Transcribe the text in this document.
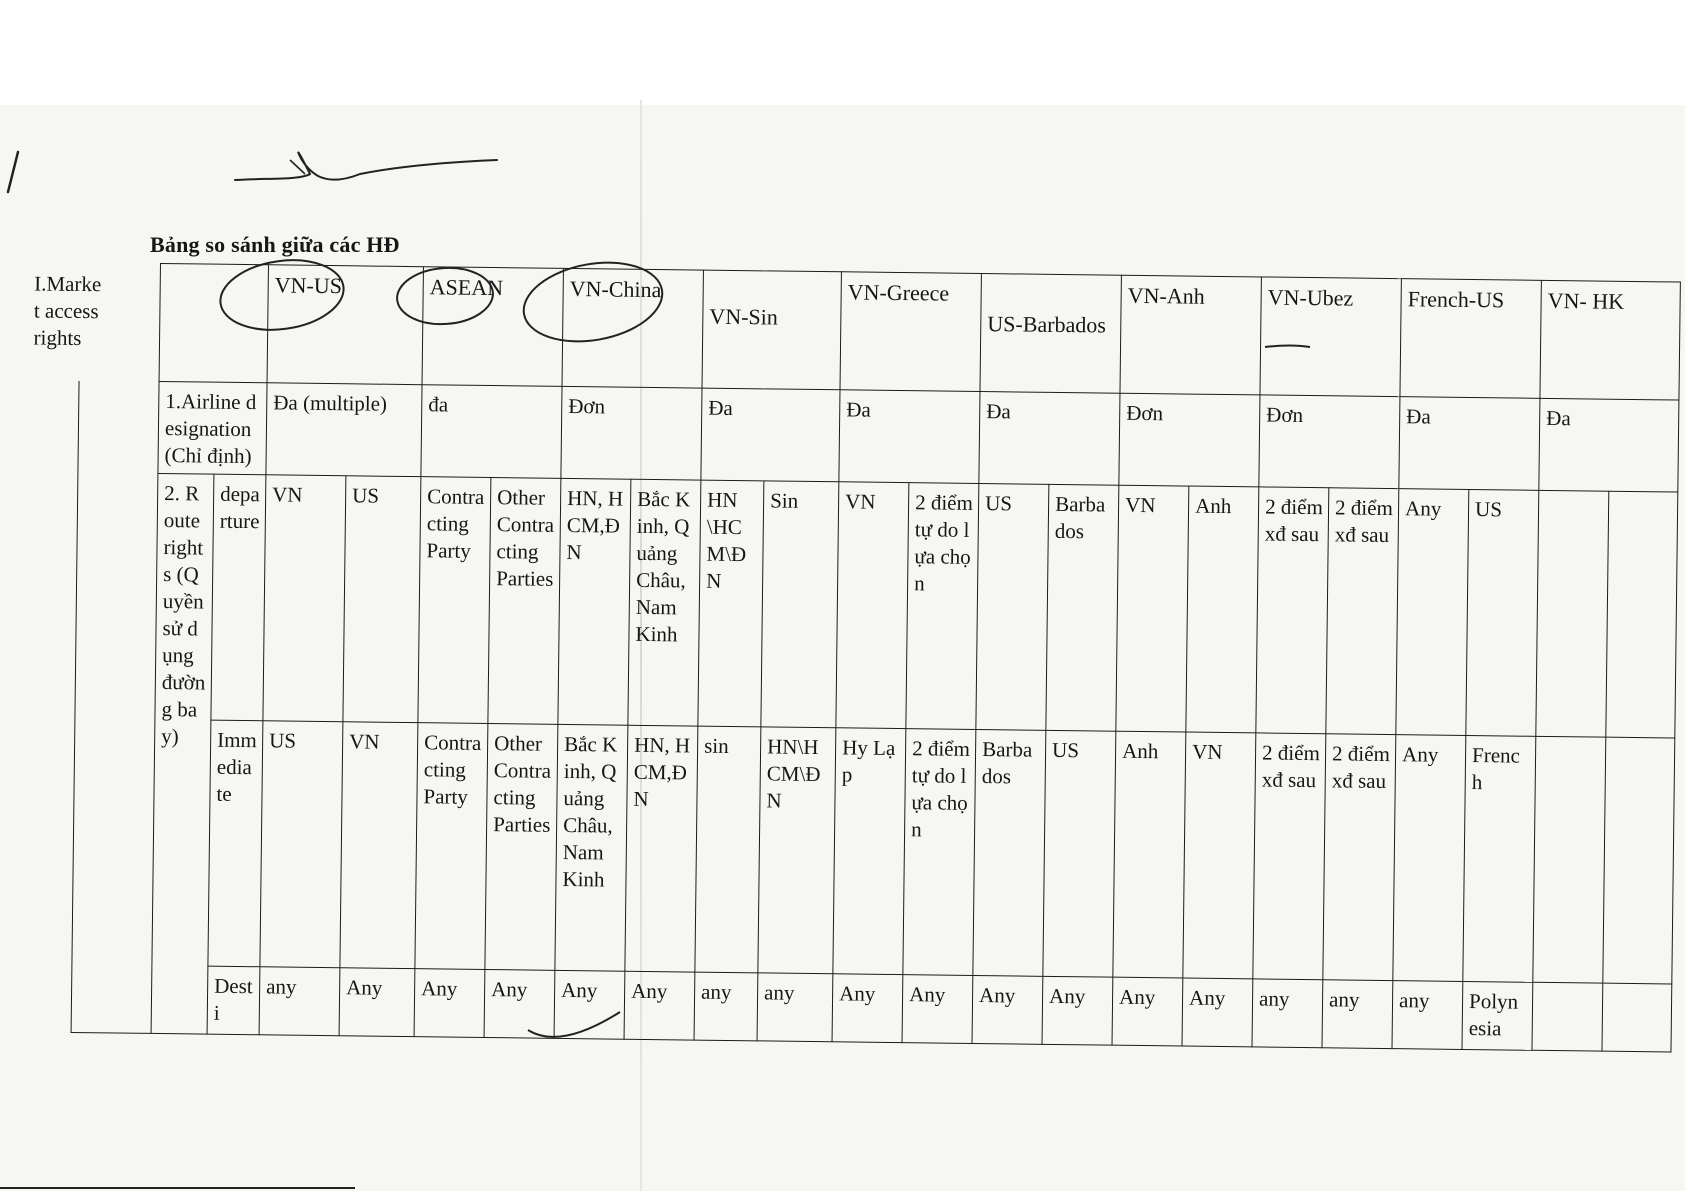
Bảng so sánh giữa các HĐ
I.Market access rights		VN-US	ASEAN	VN-China	VN-Sin	VN-Greece	US-Barbados	VN-Anh	VN-Ubez	French-US	VN- HK
	1.Airline designation (Chỉ định)	Đa (multiple)	đa	Đơn	Đa	Đa	Đa	Đơn	Đơn	Đa	Đa
	2. Route rights (Quyền sử dụng đường bay)	departure	VN	US	Contracting Party	Other Contracting Parties	HN, HCM,ĐN	Bắc Kinh, Quảng Châu, Nam Kinh	HN\HCM\ĐN	Sin	VN	2 điểm tự do lựa chọn	US	Barbados	VN	Anh	2 điểm xđ sau	2 điểm xđ sau	Any	US		
Immediate	US	VN	Contracting Party	Other Contracting Parties	Bắc Kinh, Quảng Châu, Nam Kinh	HN, HCM,ĐN	sin	HN\HCM\ĐN	Hy Lạp	2 điểm tự do lựa chọn	Barbados	US	Anh	VN	2 điểm xđ sau	2 điểm xđ sau	Any	French		
Desti	any	Any	Any	Any	Any	Any	any	any	Any	Any	Any	Any	Any	Any	any	any	any	Polynesia		
